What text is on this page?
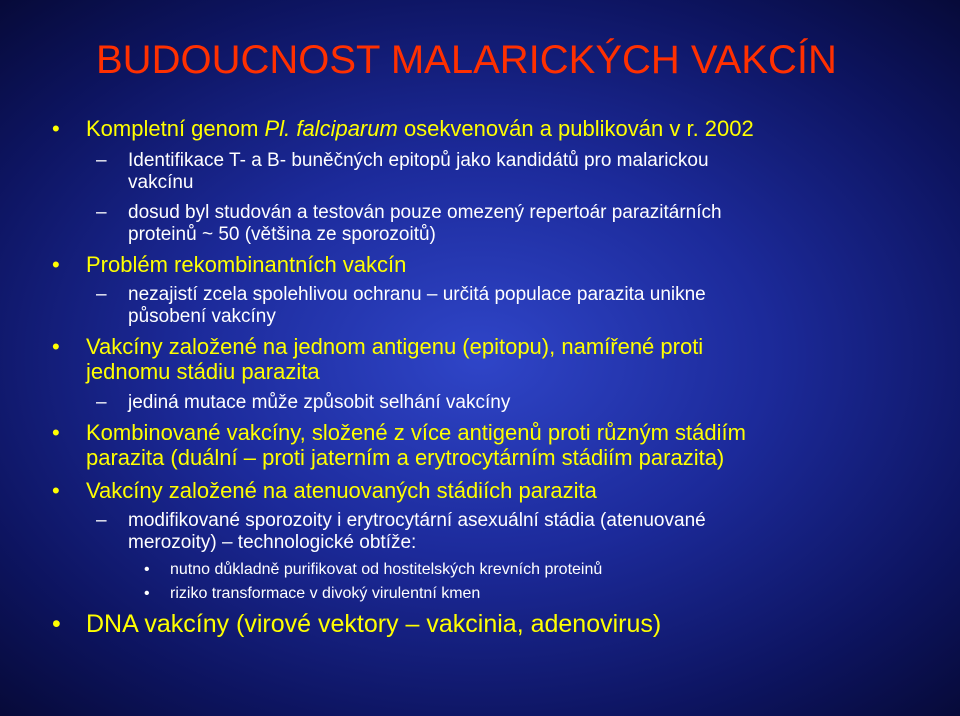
BUDOUCNOST MALARICKÝCH VAKCÍN
• Kompletní genom Pl. falciparum osekvenován a publikován v r. 2002
– Identifikace T- a B- buněčných epitopů jako kandidátů pro malarickou
vakcínu
– dosud byl studován a testován pouze omezený repertoár parazitárních
proteinů ~ 50 (většina ze sporozoitů)
• Problém rekombinantních vakcín
– nezajistí zcela spolehlivou ochranu – určitá populace parazita unikne
působení vakcíny
• Vakcíny založené na jednom antigenu (epitopu), namířené proti
jednomu stádiu parazita
– jediná mutace může způsobit selhání vakcíny
• Kombinované vakcíny, složené z více antigenů proti různým stádiím
parazita (duální – proti jaterním a erytrocytárním stádiím parazita)
• Vakcíny založené na atenuovaných stádiích parazita
– modifikované sporozoity i erytrocytární asexuální stádia (atenuované
merozoity) – technologické obtíže:
• nutno důkladně purifikovat od hostitelských krevních proteinů
• riziko transformace v divoký virulentní kmen
• DNA vakcíny (virové vektory – vakcinia, adenovirus)
